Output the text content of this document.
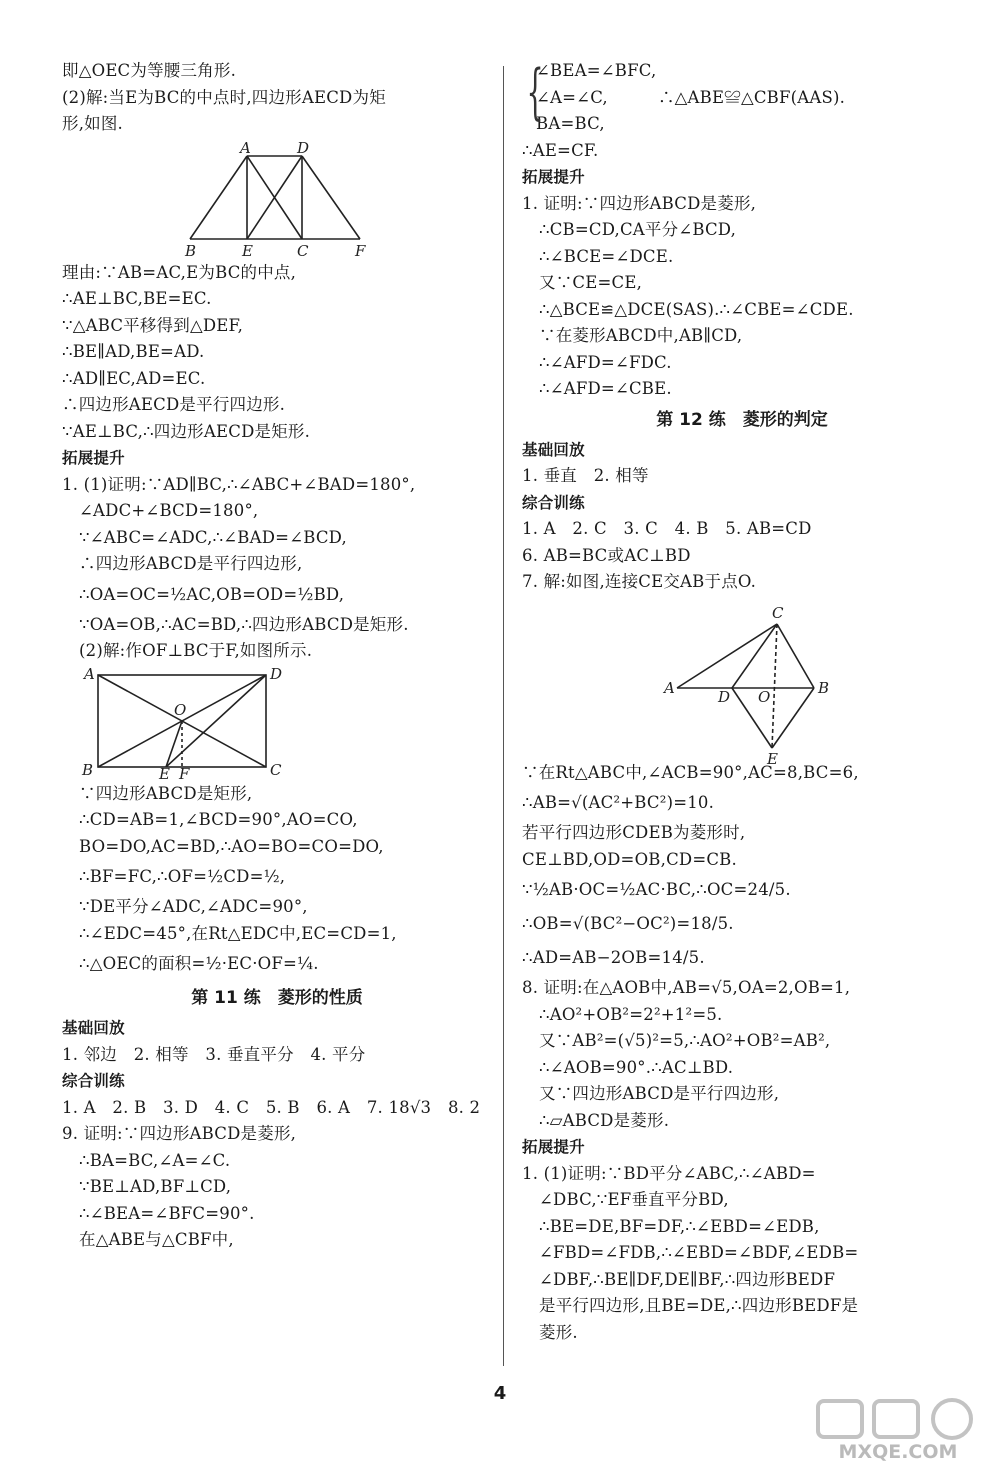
即△OEC为等腰三角形.
(2)解:当E为BC的中点时,四边形AECD为矩
形,如图.
A	D
B	E	C	F
理由:∵AB=AC,E为BC的中点,
∴AE⊥BC,BE=EC.
∵△ABC平移得到△DEF,
∴BE∥AD,BE=AD.
∴AD∥EC,AD=EC.
∴四边形AECD是平行四边形.
∵AE⊥BC,∴四边形AECD是矩形.
拓展提升
1. (1)证明:∵AD∥BC,∴∠ABC+∠BAD=180°,
∠ADC+∠BCD=180°,
∵∠ABC=∠ADC,∴∠BAD=∠BCD,
∴四边形ABCD是平行四边形,
∴OA=OC=½AC,OB=OD=½BD,
∵OA=OB,∴AC=BD,∴四边形ABCD是矩形.
(2)解:作OF⊥BC于F,如图所示.
A	D
O
B	E F	C
∵四边形ABCD是矩形,
∴CD=AB=1,∠BCD=90°,AO=CO,
BO=DO,AC=BD,∴AO=BO=CO=DO,
∴BF=FC,∴OF=½CD=½,
∵DE平分∠ADC,∠ADC=90°,
∴∠EDC=45°,在Rt△EDC中,EC=CD=1,
∴△OEC的面积=½·EC·OF=¼.
第 11 练　菱形的性质
基础回放
1. 邻边　2. 相等　3. 垂直平分　4. 平分
综合训练
1. A　2. B　3. D　4. C　5. B　6. A　7. 18√3　8. 2
9. 证明:∵四边形ABCD是菱形,
∴BA=BC,∠A=∠C.
∵BE⊥AD,BF⊥CD,
∴∠BEA=∠BFC=90°.
在△ABE与△CBF中,
{
∠BEA=∠BFC,
∠A=∠C,　　　∴△ABE≌△CBF(AAS).
BA=BC,
∴AE=CF.
拓展提升
1. 证明:∵四边形ABCD是菱形,
∴CB=CD,CA平分∠BCD,
∴∠BCE=∠DCE.
又∵CE=CE,
∴△BCE≌△DCE(SAS).∴∠CBE=∠CDE.
∵在菱形ABCD中,AB∥CD,
∴∠AFD=∠FDC.
∴∠AFD=∠CBE.
第 12 练　菱形的判定
基础回放
1. 垂直　2. 相等
综合训练
1. A　2. C　3. C　4. B　5. AB=CD
6. AB=BC或AC⊥BD
7. 解:如图,连接CE交AB于点O.
C
A	D O	B
E
∵在Rt△ABC中,∠ACB=90°,AC=8,BC=6,
∴AB=√(AC²+BC²)=10.
若平行四边形CDEB为菱形时,
CE⊥BD,OD=OB,CD=CB.
∵½AB·OC=½AC·BC,∴OC=24/5.
∴OB=√(BC²−OC²)=18/5.
∴AD=AB−2OB=14/5.
8. 证明:在△AOB中,AB=√5,OA=2,OB=1,
∴AO²+OB²=2²+1²=5.
又∵AB²=(√5)²=5,∴AO²+OB²=AB²,
∴∠AOB=90°.∴AC⊥BD.
又∵四边形ABCD是平行四边形,
∴▱ABCD是菱形.
拓展提升
1. (1)证明:∵BD平分∠ABC,∴∠ABD=
∠DBC,∵EF垂直平分BD,
∴BE=DE,BF=DF,∴∠EBD=∠EDB,
∠FBD=∠FDB,∴∠EBD=∠BDF,∠EDB=
∠DBF,∴BE∥DF,DE∥BF,∴四边形BEDF
是平行四边形,且BE=DE,∴四边形BEDF是
菱形.
4
MXQE.COM
